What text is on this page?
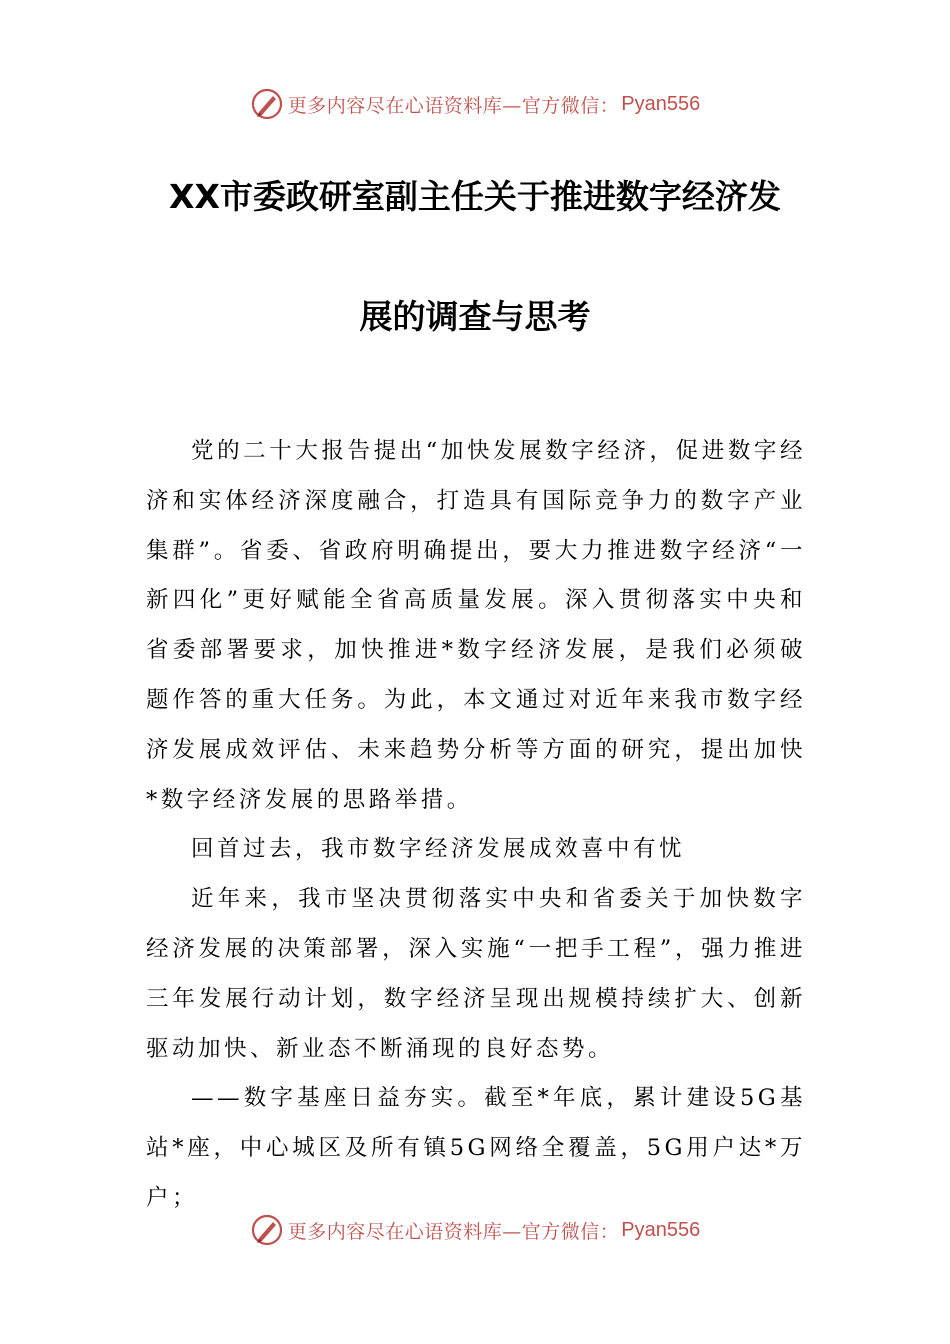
更多内容尽在心语资料库—官方微信： Pyan556
XX市委政研室副主任关于推进数字经济发
展的调查与思考

党的二十大报告提出“加快发展数字经济，促进数字经济和实体经济深度融合，打造具有国际竞争力的数字产业集群”。省委、省政府明确提出，要大力推进数字经济“一新四化”更好赋能全省高质量发展。深入贯彻落实中央和省委部署要求，加快推进*数字经济发展，是我们必须破题作答的重大任务。为此，本文通过对近年来我市数字经济发展成效评估、未来趋势分析等方面的研究，提出加快*数字经济发展的思路举措。

回首过去，我市数字经济发展成效喜中有忧

近年来，我市坚决贯彻落实中央和省委关于加快数字经济发展的决策部署，深入实施“一把手工程”，强力推进三年发展行动计划，数字经济呈现出规模持续扩大、创新驱动加快、新业态不断涌现的良好态势。

——数字基座日益夯实。截至*年底，累计建设5G基站*座，中心城区及所有镇5G网络全覆盖，5G用户达*万户；

更多内容尽在心语资料库—官方微信： Pyan556
